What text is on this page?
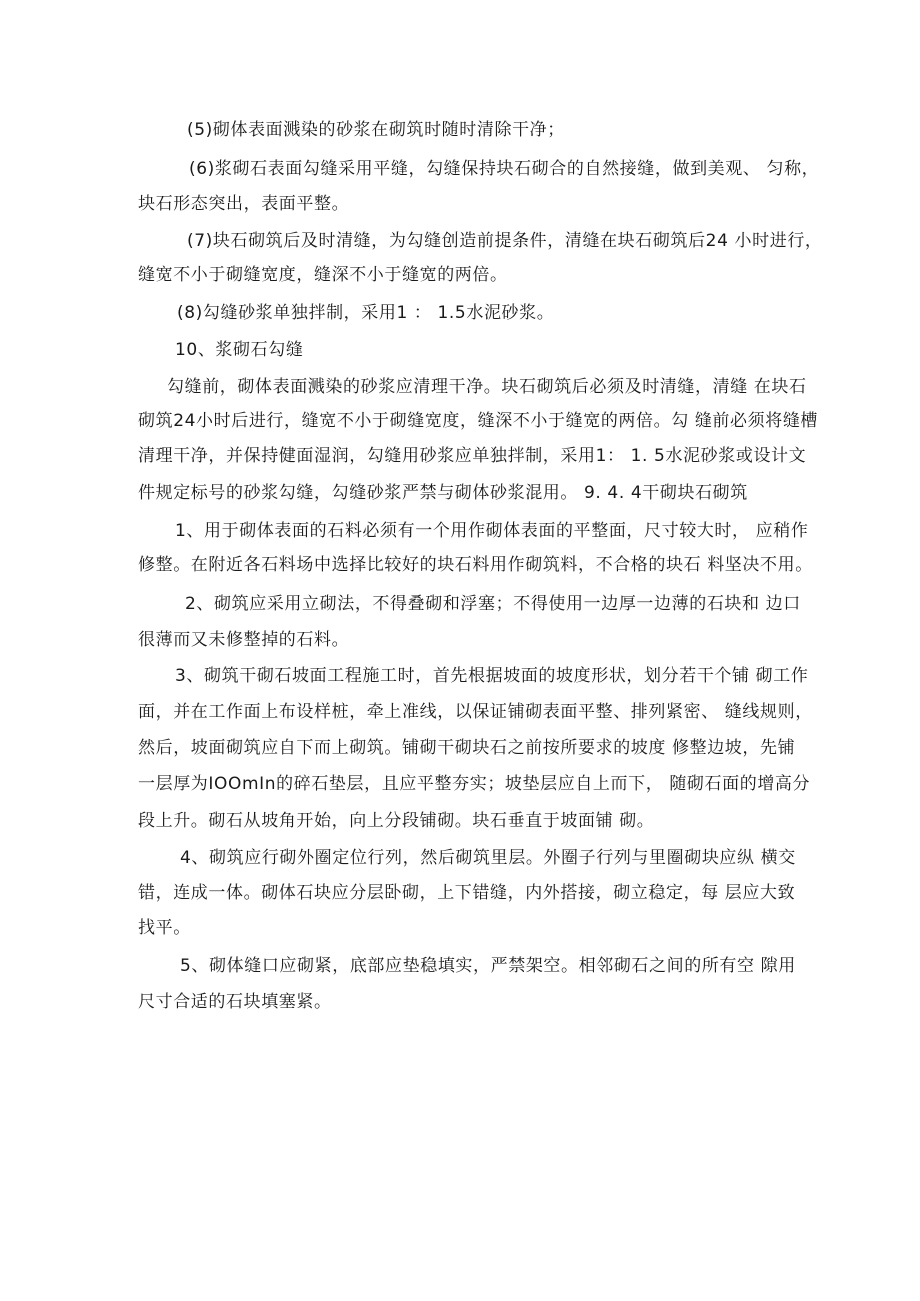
(5)砌体表面溅染的砂浆在砌筑时随时清除干净；
(6)浆砌石表面勾缝采用平缝，勾缝保持块石砌合的自然接缝，做到美观、 匀称，
块石形态突出，表面平整。
(7)块石砌筑后及时清缝，为勾缝创造前提条件，清缝在块石砌筑后24 小时进行，
缝宽不小于砌缝宽度，缝深不小于缝宽的两倍。
(8)勾缝砂浆单独拌制，采用1 ： 1.5水泥砂浆。
10、浆砌石勾缝
勾缝前，砌体表面溅染的砂浆应清理干净。块石砌筑后必须及时清缝，清缝 在块石
砌筑24小时后进行，缝宽不小于砌缝宽度，缝深不小于缝宽的两倍。勾 缝前必须将缝槽
清理干净，并保持健面湿润，勾缝用砂浆应单独拌制，采用1： 1. 5水泥砂浆或设计文
件规定标号的砂浆勾缝，勾缝砂浆严禁与砌体砂浆混用。 9. 4. 4干砌块石砌筑
1、用于砌体表面的石料必须有一个用作砌体表面的平整面，尺寸较大时， 应稍作
修整。在附近各石料场中选择比较好的块石料用作砌筑料，不合格的块石 料坚决不用。
2、砌筑应采用立砌法，不得叠砌和浮塞；不得使用一边厚一边薄的石块和 边口
很薄而又未修整掉的石料。
3、砌筑干砌石坡面工程施工时，首先根据坡面的坡度形状，划分若干个铺 砌工作
面，并在工作面上布设样桩，牵上准线，以保证铺砌表面平整、排列紧密、 缝线规则，
然后，坡面砌筑应自下而上砌筑。铺砌干砌块石之前按所要求的坡度 修整边坡，先铺
一层厚为IOOmIn的碎石垫层，且应平整夯实；坡垫层应自上而下， 随砌石面的增高分
段上升。砌石从坡角开始，向上分段铺砌。块石垂直于坡面铺 砌。
4、砌筑应行砌外圈定位行列，然后砌筑里层。外圈子行列与里圈砌块应纵 横交
错，连成一体。砌体石块应分层卧砌，上下错缝，内外搭接，砌立稳定，每 层应大致
找平。
5、砌体缝口应砌紧，底部应垫稳填实，严禁架空。相邻砌石之间的所有空 隙用
尺寸合适的石块填塞紧。
